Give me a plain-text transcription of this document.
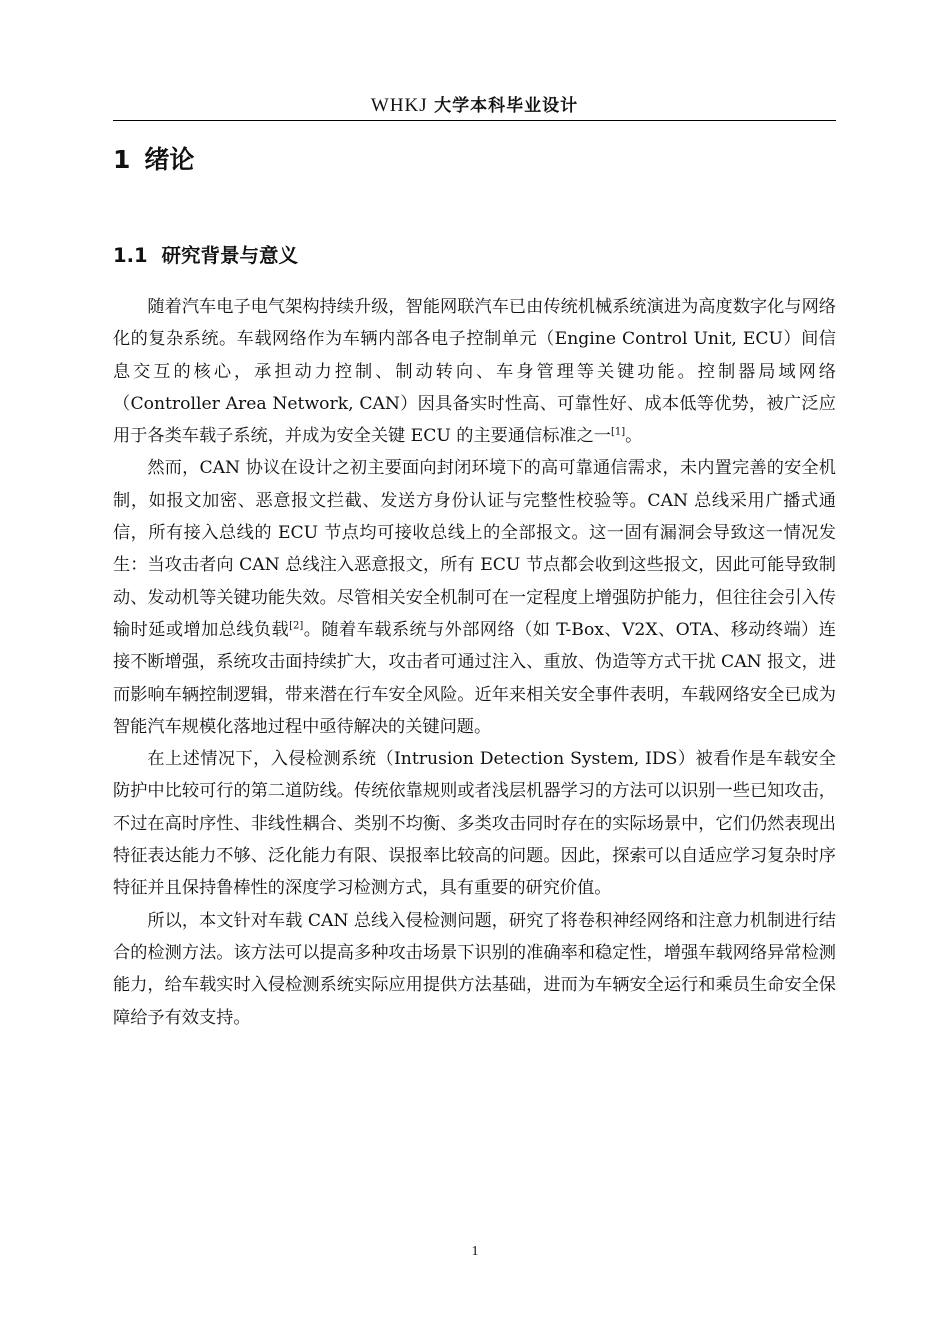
WHKJ 大学本科毕业设计
1 绪论
1.1 研究背景与意义

随着汽车电子电气架构持续升级，智能网联汽车已由传统机械系统演进为高度数字化与网络化的复杂系统。车载网络作为车辆内部各电子控制单元（Engine Control Unit, ECU）间信息交互的核心，承担动力控制、制动转向、车身管理等关键功能。控制器局域网络（Controller Area Network, CAN）因具备实时性高、可靠性好、成本低等优势，被广泛应用于各类车载子系统，并成为安全关键 ECU 的主要通信标准之一[1]。

然而，CAN 协议在设计之初主要面向封闭环境下的高可靠通信需求，未内置完善的安全机制，如报文加密、恶意报文拦截、发送方身份认证与完整性校验等。CAN 总线采用广播式通信，所有接入总线的 ECU 节点均可接收总线上的全部报文。这一固有漏洞会导致这一情况发生：当攻击者向 CAN 总线注入恶意报文，所有 ECU 节点都会收到这些报文，因此可能导致制动、发动机等关键功能失效。尽管相关安全机制可在一定程度上增强防护能力，但往往会引入传输时延或增加总线负载[2]。随着车载系统与外部网络（如 T-Box、V2X、OTA、移动终端）连接不断增强，系统攻击面持续扩大，攻击者可通过注入、重放、伪造等方式干扰 CAN 报文，进而影响车辆控制逻辑，带来潜在行车安全风险。近年来相关安全事件表明，车载网络安全已成为智能汽车规模化落地过程中亟待解决的关键问题。

在上述情况下，入侵检测系统（Intrusion Detection System, IDS）被看作是车载安全防护中比较可行的第二道防线。传统依靠规则或者浅层机器学习的方法可以识别一些已知攻击，不过在高时序性、非线性耦合、类别不均衡、多类攻击同时存在的实际场景中，它们仍然表现出特征表达能力不够、泛化能力有限、误报率比较高的问题。因此，探索可以自适应学习复杂时序特征并且保持鲁棒性的深度学习检测方式，具有重要的研究价值。

所以，本文针对车载 CAN 总线入侵检测问题，研究了将卷积神经网络和注意力机制进行结合的检测方法。该方法可以提高多种攻击场景下识别的准确率和稳定性，增强车载网络异常检测能力，给车载实时入侵检测系统实际应用提供方法基础，进而为车辆安全运行和乘员生命安全保障给予有效支持。

1
